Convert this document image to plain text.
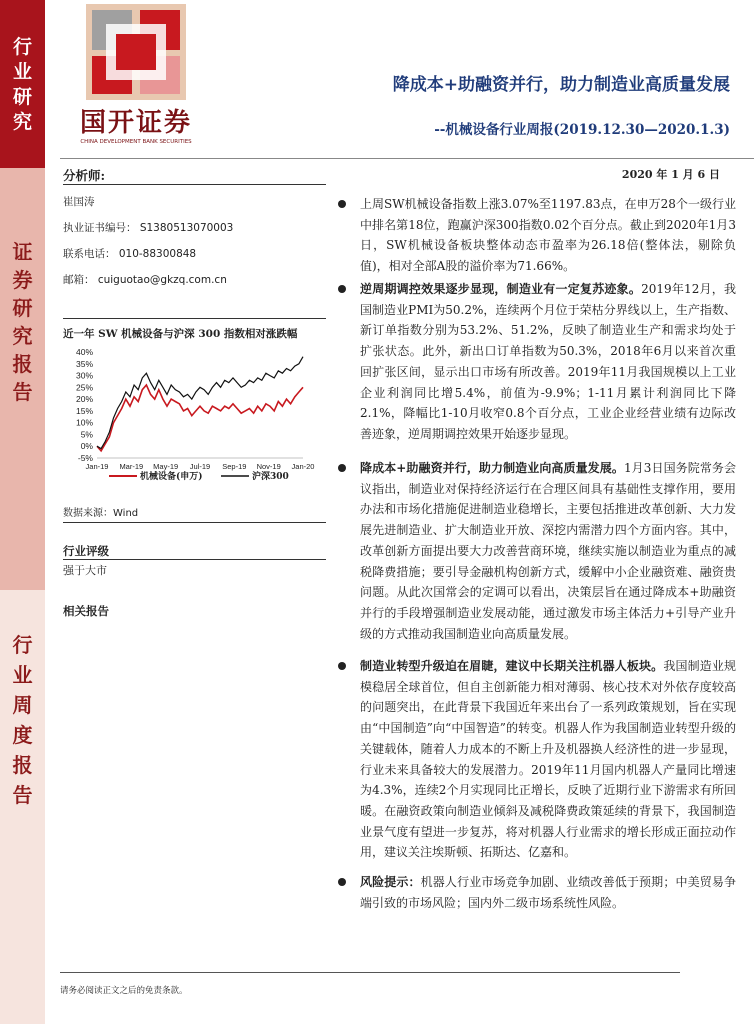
行
业
研
究
证
券
研
究
报
告
行
业
周
度
报
告
国开证券
CHINA DEVELOPMENT BANK SECURITIES
降成本+助融资并行，助力制造业高质量发展
--机械设备行业周报(2019.12.30—2020.1.3)
分析师:
崔国涛
执业证书编号： S1380513070003
联系电话： 010-88300848
邮箱： cuiguotao@gkzq.com.cn
近一年 SW 机械设备与沪深 300 指数相对涨跌幅
40%
35%
30%
25%
20%
15%
10%
5%
0%
-5%
Jan-19 Mar-19 May-19 Jul-19 Sep-19 Nov-19 Jan-20
机械设备(申万)	沪深300
数据来源：Wind
行业评级
强于大市
相关报告
2020 年 1 月 6 日
上周SW机械设备指数上涨3.07%至1197.83点，在申万28个一级行业中排名第18位，跑赢沪深300指数0.02个百分点。截止到2020年1月3日，SW机械设备板块整体动态市盈率为26.18倍(整体法，剔除负值)，相对全部A股的溢价率为71.66%。
逆周期调控效果逐步显现，制造业有一定复苏迹象。2019年12月，我国制造业PMI为50.2%，连续两个月位于荣枯分界线以上，生产指数、新订单指数分别为53.2%、51.2%，反映了制造业生产和需求均处于扩张状态。此外，新出口订单指数为50.3%，2018年6月以来首次重回扩张区间，显示出口市场有所改善。2019年11月我国规模以上工业企业利润同比增5.4%，前值为-9.9%；1-11月累计利润同比下降2.1%，降幅比1-10月收窄0.8个百分点，工业企业经营业绩有边际改善迹象，逆周期调控效果开始逐步显现。
降成本+助融资并行，助力制造业向高质量发展。1月3日国务院常务会议指出，制造业对保持经济运行在合理区间具有基础性支撑作用，要用办法和市场化措施促进制造业稳增长，主要包括推进改革创新、大力发展先进制造业、扩大制造业开放、深挖内需潜力四个方面内容。其中，改革创新方面提出要大力改善营商环境，继续实施以制造业为重点的减税降费措施；要引导金融机构创新方式，缓解中小企业融资难、融资贵问题。从此次国常会的定调可以看出，决策层旨在通过降成本+助融资并行的手段增强制造业发展动能，通过激发市场主体活力+引导产业升级的方式推动我国制造业向高质量发展。
制造业转型升级迫在眉睫，建议中长期关注机器人板块。我国制造业规模稳居全球首位，但自主创新能力相对薄弱、核心技术对外依存度较高的问题突出，在此背景下我国近年来出台了一系列政策规划，旨在实现由“中国制造”向“中国智造”的转变。机器人作为我国制造业转型升级的关键载体，随着人力成本的不断上升及机器换人经济性的进一步显现，行业未来具备较大的发展潜力。2019年11月国内机器人产量同比增速为4.3%，连续2个月实现同比正增长，反映了近期行业下游需求有所回暖。在融资政策向制造业倾斜及减税降费政策延续的背景下，我国制造业景气度有望进一步复苏，将对机器人行业需求的增长形成正面拉动作用，建议关注埃斯顿、拓斯达、亿嘉和。
风险提示：机器人行业市场竞争加剧、业绩改善低于预期；中美贸易争端引致的市场风险；国内外二级市场系统性风险。
请务必阅读正文之后的免责条款。
